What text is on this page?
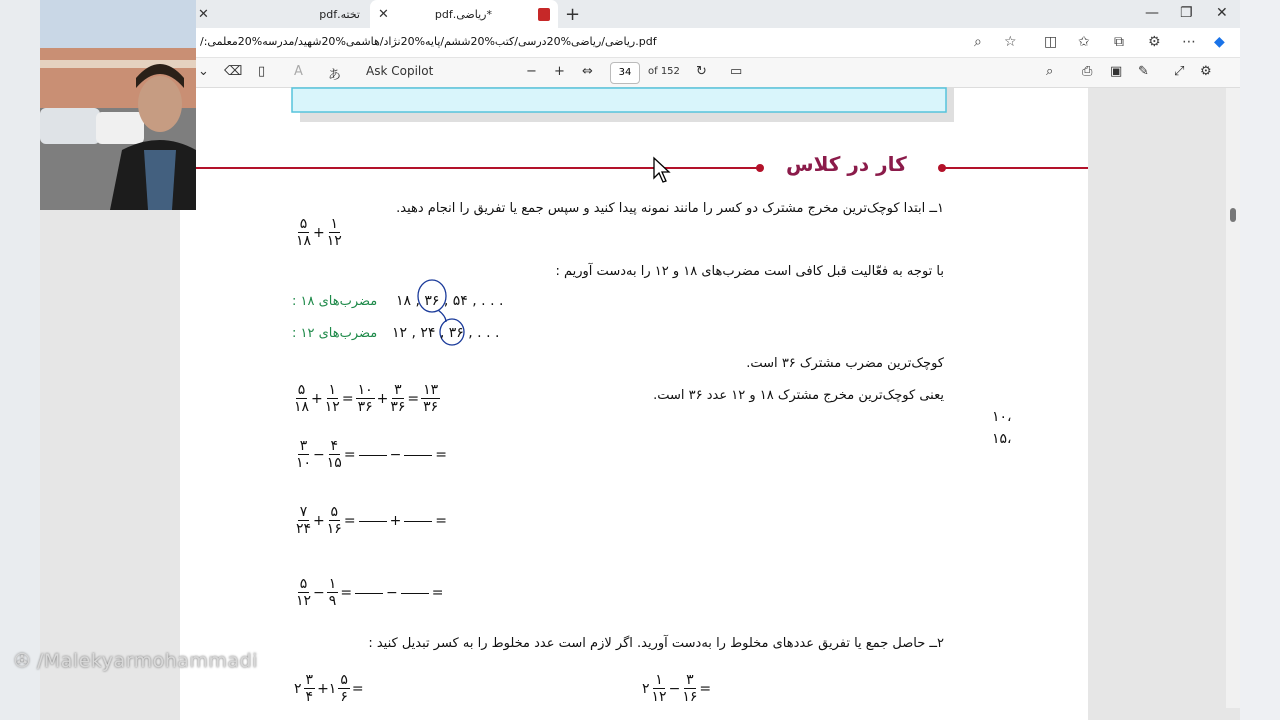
تخته.pdf
✕	*ریاضی.pdf
✕	+	— ❐ ✕
/:ریاضی/ریاضی%20درسی/کتب%20ششم/پایه%20نژاد/هاشمی%20شهید/مدرسه%20معلمی.pdf	⌕ ☆ ◫ ✩ ⧉ ⚙ ⋯ ◆
⌄ ⌫ ▯ A あ Ask Copilot	− + ⇔	34	of 152 ↻ ▭	⌕ ⎙ ▣ ✎ ⤢ ⚙
کار در کلاس
۱ــ ابتدا کوچک‌ترین مخرج مشترک دو کسر را مانند نمونه پیدا کنید و سپس جمع یا تفریق را انجام دهید.
۵
۱۸
+
۱
۱۲
با توجه به فعّالیت قبل کافی است مضرب‌های ۱۸ و ۱۲ را به‌دست آوریم :
مضرب‌های ۱۸ : ۱۸ , ۳۶ , ۵۴ , . . .
مضرب‌های ۱۲ : ۱۲ , ۲۴ , ۳۶ , . . .
کوچک‌ترین مضرب مشترک ۳۶ است.
یعنی کوچک‌ترین مخرج مشترک ۱۸ و ۱۲ عدد ۳۶ است.
۵
۱۸
+
۱
۱۲
=
۱۰
۳۶
+
۳
۳۶
=
۱۳
۳۶
۳
۱۰
−
۴
۱۵
= − =
۷
۲۴
+
۵
۱۶
= + =
۵
۱۲
−
۱
۹
= − =
۲ــ حاصل جمع یا تفریق عددهای مخلوط را به‌دست آورید. اگر لازم است عدد مخلوط را به کسر تبدیل کنید :
۲
۳
۴
+۱
۵
۶
=	۲
۱
۱۲
−
۳
۱۶
=
۱۰، ۱۵،
✇ /Malekyarmohammadi
